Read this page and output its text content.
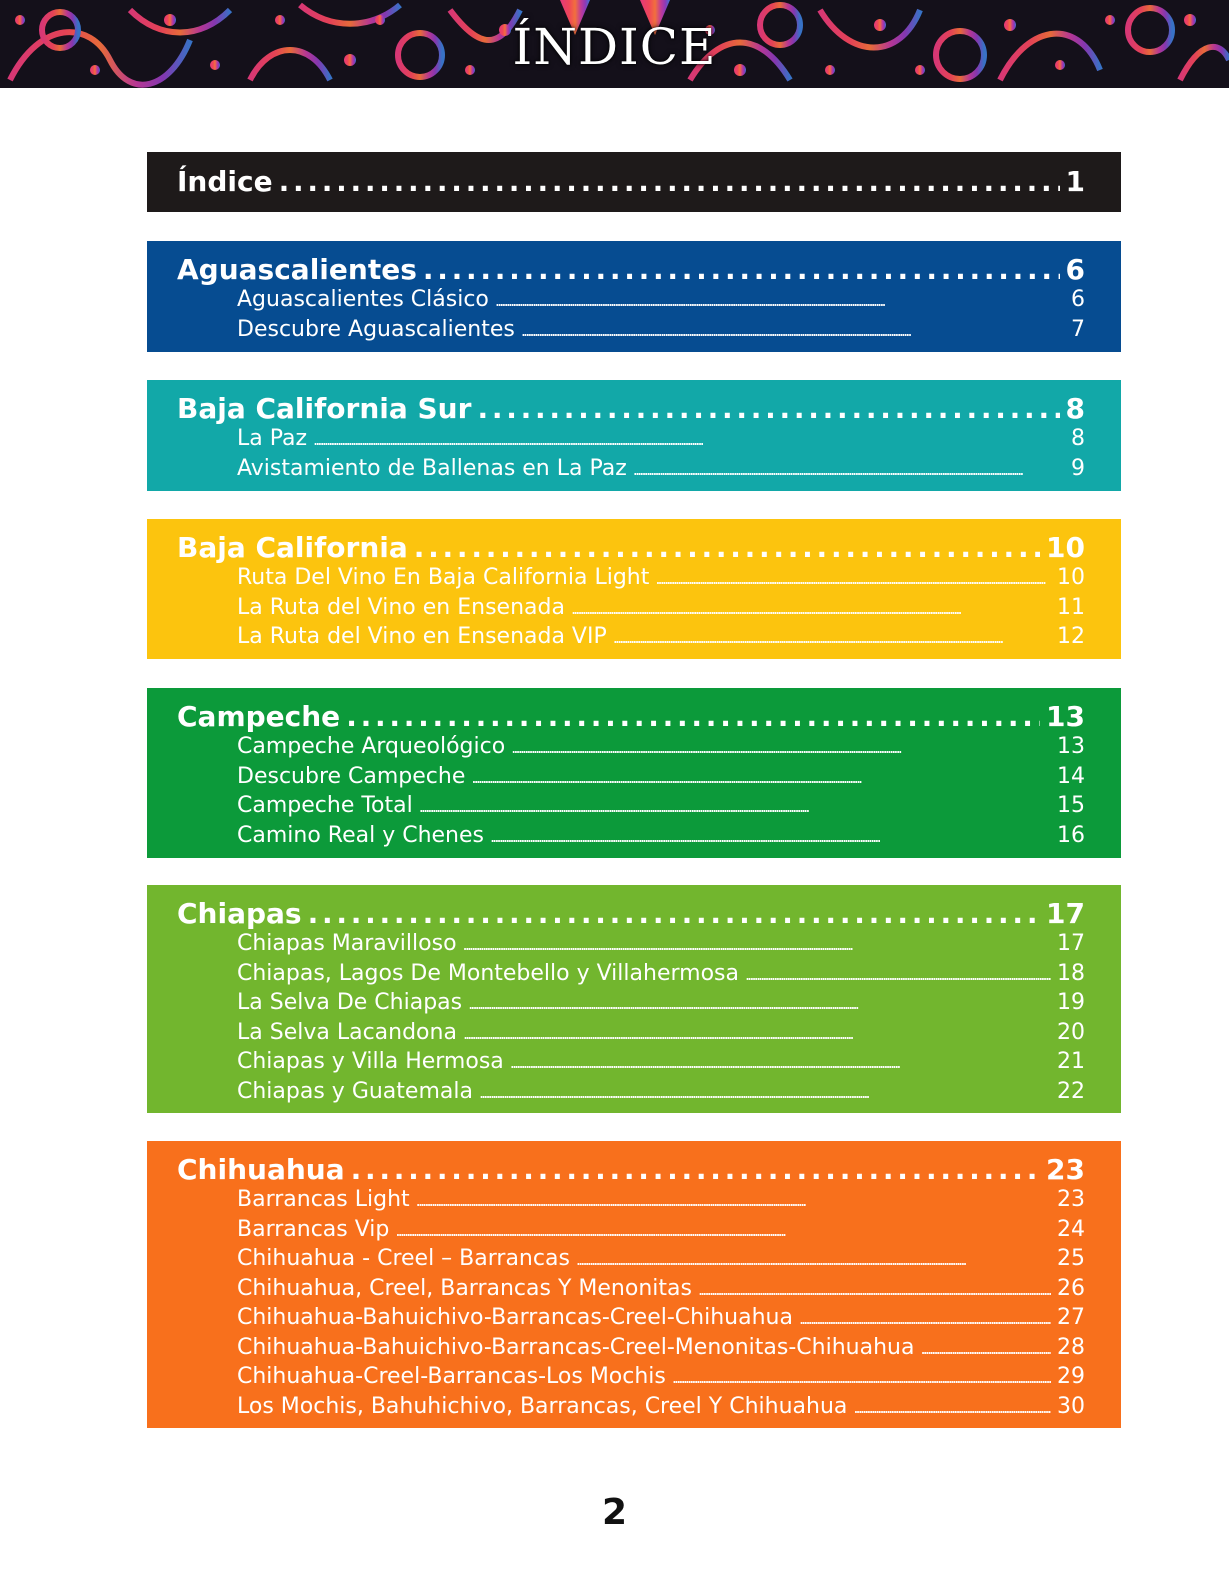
ÍNDICE
Índice . . .	1
Aguascalientes . . .	6
Aguascalientes Clásico . . .	6
Descubre Aguascalientes . . .	7
Baja California Sur . . .	8
La Paz . . .	8
Avistamiento de Ballenas en La Paz . . .	9
Baja California . . .	10
Ruta Del Vino En Baja California Light . . .	10
La Ruta del Vino en Ensenada . . .	11
La Ruta del Vino en Ensenada VIP . . .	12
Campeche . . .	13
Campeche Arqueológico . . .	13
Descubre Campeche . . .	14
Campeche Total . . .	15
Camino Real y Chenes . . .	16
Chiapas . . .	17
Chiapas Maravilloso . . .	17
Chiapas, Lagos De Montebello y Villahermosa . . .	18
La Selva De Chiapas . . .	19
La Selva Lacandona . . .	20
Chiapas y Villa Hermosa . . .	21
Chiapas y Guatemala . . .	22
Chihuahua . . .	23
Barrancas Light . . .	23
Barrancas Vip . . .	24
Chihuahua - Creel – Barrancas . . .	25
Chihuahua, Creel, Barrancas Y Menonitas . . .	26
Chihuahua-Bahuichivo-Barrancas-Creel-Chihuahua . . .	27
Chihuahua-Bahuichivo-Barrancas-Creel-Menonitas-Chihuahua . . .	28
Chihuahua-Creel-Barrancas-Los Mochis . . .	29
Los Mochis, Bahuhichivo, Barrancas, Creel Y Chihuahua . . .	30
2
